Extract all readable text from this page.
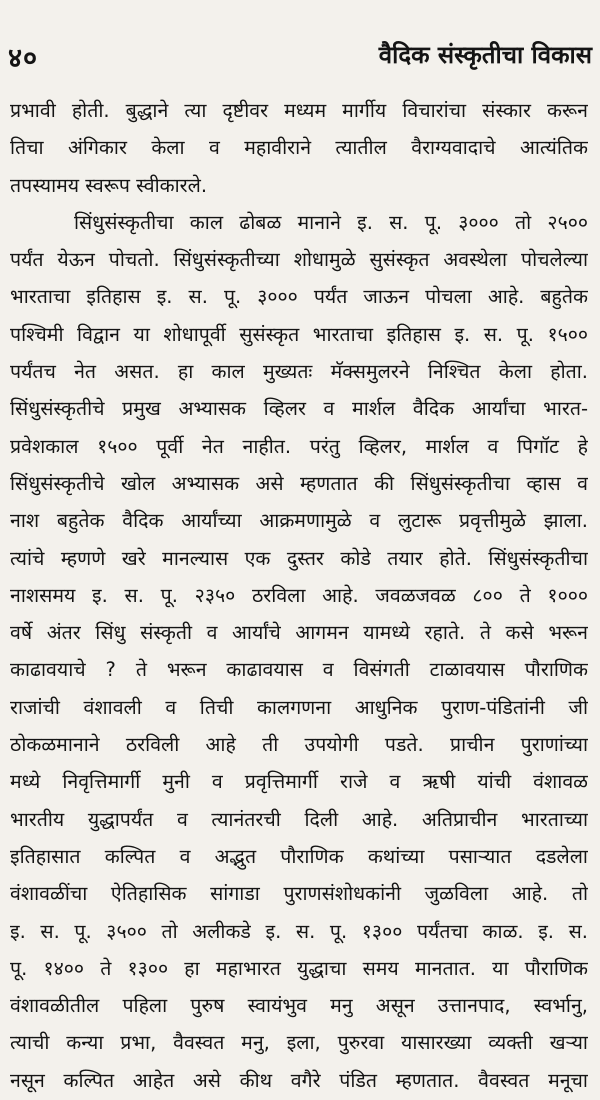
४०	वैदिक संस्कृतीचा विकास
प्रभावी होती. बुद्धाने त्या दृष्टीवर मध्यम मार्गीय विचारांचा संस्कार करून
तिचा अंगिकार केला व महावीराने त्यातील वैराग्यवादाचे आत्यंतिक
तपस्यामय स्वरूप स्वीकारले.
सिंधुसंस्कृतीचा काल ढोबळ मानाने इ. स. पू. ३००० तो २५००
पर्यंत येऊन पोचतो. सिंधुसंस्कृतीच्या शोधामुळे सुसंस्कृत अवस्थेला पोचलेल्या
भारताचा इतिहास इ. स. पू. ३००० पर्यंत जाऊन पोचला आहे. बहुतेक
पश्चिमी विद्वान या शोधापूर्वी सुसंस्कृत भारताचा इतिहास इ. स. पू. १५००
पर्यंतच नेत असत. हा काल मुख्यतः मॅक्समुलरने निश्चित केला होता.
सिंधुसंस्कृतीचे प्रमुख अभ्यासक व्हिलर व मार्शल वैदिक आर्यांचा भारत-
प्रवेशकाल १५०० पूर्वी नेत नाहीत. परंतु व्हिलर, मार्शल व पिगॉट हे
सिंधुसंस्कृतीचे खोल अभ्यासक असे म्हणतात की सिंधुसंस्कृतीचा व्हास व
नाश बहुतेक वैदिक आर्यांच्या आक्रमणामुळे व लुटारू प्रवृत्तीमुळे झाला.
त्यांचे म्हणणे खरे मानल्यास एक दुस्तर कोडे तयार होते. सिंधुसंस्कृतीचा
नाशसमय इ. स. पू. २३५० ठरविला आहे. जवळजवळ ८०० ते १०००
वर्षे अंतर सिंधु संस्कृती व आर्यांचे आगमन यामध्ये रहाते. ते कसे भरून
काढावयाचे ? ते भरून काढावयास व विसंगती टाळावयास पौराणिक
राजांची वंशावली व तिची कालगणना आधुनिक पुराण-पंडितांनी जी
ठोकळमानाने ठरविली आहे ती उपयोगी पडते. प्राचीन पुराणांच्या
मध्ये निवृत्तिमार्गी मुनी व प्रवृत्तिमार्गी राजे व ऋषी यांची वंशावळ
भारतीय युद्धापर्यंत व त्यानंतरची दिली आहे. अतिप्राचीन भारताच्या
इतिहासात कल्पित व अद्भुत पौराणिक कथांच्या पसाऱ्यात दडलेला
वंशावळींचा ऐतिहासिक सांगाडा पुराणसंशोधकांनी जुळविला आहे. तो
इ. स. पू. ३५०० तो अलीकडे इ. स. पू. १३०० पर्यंतचा काळ. इ. स.
पू. १४०० ते १३०० हा महाभारत युद्धाचा समय मानतात. या पौराणिक
वंशावळीतील पहिला पुरुष स्वायंभुव मनु असून उत्तानपाद, स्वर्भानु,
त्याची कन्या प्रभा, वैवस्वत मनु, इला, पुरुरवा यासारख्या व्यक्ती खऱ्या
नसून कल्पित आहेत असे कीथ वगैरे पंडित म्हणतात. वैवस्वत मनूचा
